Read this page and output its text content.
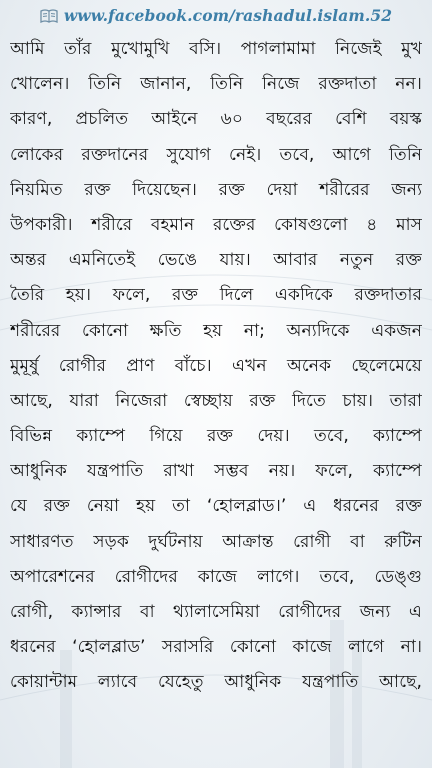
www.facebook.com/rashadul.islam.52
আমি তাঁর মুখোমুখি বসি। পাগলামামা নিজেই মুখ
খোলেন। তিনি জানান, তিনি নিজে রক্তদাতা নন।
কারণ, প্রচলিত আইনে ৬০ বছরের বেশি বয়স্ক
লোকের রক্তদানের সুযোগ নেই। তবে, আগে তিনি
নিয়মিত রক্ত দিয়েছেন। রক্ত দেয়া শরীরের জন্য
উপকারী। শরীরে বহমান রক্তের কোষগুলো ৪ মাস
অন্তর এমনিতেই ভেঙে যায়। আবার নতুন রক্ত
তৈরি হয়। ফলে, রক্ত দিলে একদিকে রক্তদাতার
শরীরের কোনো ক্ষতি হয় না; অন্যদিকে একজন
মুমূর্ষু রোগীর প্রাণ বাঁচে। এখন অনেক ছেলেমেয়ে
আছে, যারা নিজেরা স্বেচ্ছায় রক্ত দিতে চায়। তারা
বিভিন্ন ক্যাম্পে গিয়ে রক্ত দেয়। তবে, ক্যাম্পে
আধুনিক যন্ত্রপাতি রাখা সম্ভব নয়। ফলে, ক্যাম্পে
যে রক্ত নেয়া হয় তা ‘হোলব্লাড।’ এ ধরনের রক্ত
সাধারণত সড়ক দুর্ঘটনায় আক্রান্ত রোগী বা রুটিন
অপারেশনের রোগীদের কাজে লাগে। তবে, ডেঙ্গু
রোগী, ক্যান্সার বা থ্যালাসেমিয়া রোগীদের জন্য এ
ধরনের ‘হোলব্লাড’ সরাসরি কোনো কাজে লাগে না।
কোয়ান্টাম ল্যাবে যেহেতু আধুনিক যন্ত্রপাতি আছে,
